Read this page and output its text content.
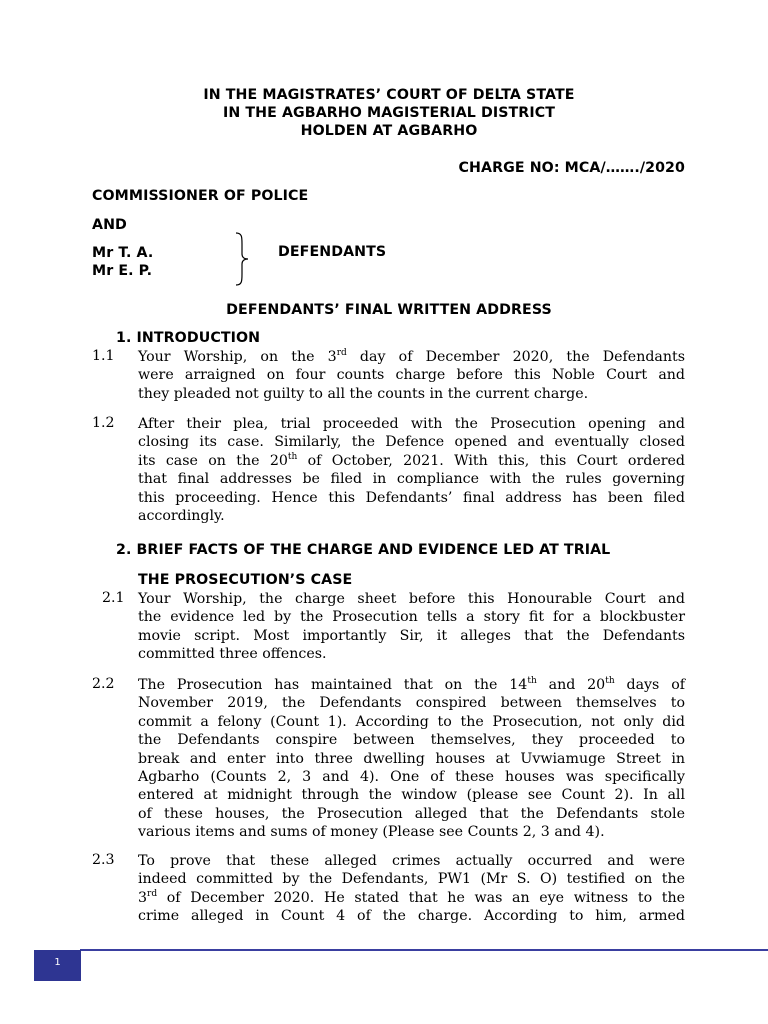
IN THE MAGISTRATES’ COURT OF DELTA STATE
IN THE AGBARHO MAGISTERIAL DISTRICT
HOLDEN AT AGBARHO
CHARGE NO: MCA/……./2020
COMMISSIONER OF POLICE
AND
Mr T. A.
Mr E. P.
DEFENDANTS
DEFENDANTS’ FINAL WRITTEN ADDRESS
1. INTRODUCTION
1.1 Your Worship, on the 3rd day of December 2020, the Defendants
were arraigned on four counts charge before this Noble Court and
they pleaded not guilty to all the counts in the current charge.
1.2 After their plea, trial proceeded with the Prosecution opening and
closing its case. Similarly, the Defence opened and eventually closed
its case on the 20th of October, 2021. With this, this Court ordered
that final addresses be filed in compliance with the rules governing
this proceeding. Hence this Defendants’ final address has been filed
accordingly.
2. BRIEF FACTS OF THE CHARGE AND EVIDENCE LED AT TRIAL
THE PROSECUTION’S CASE
2.1 Your Worship, the charge sheet before this Honourable Court and
the evidence led by the Prosecution tells a story fit for a blockbuster
movie script. Most importantly Sir, it alleges that the Defendants
committed three offences.
2.2 The Prosecution has maintained that on the 14th and 20th days of
November 2019, the Defendants conspired between themselves to
commit a felony (Count 1). According to the Prosecution, not only did
the Defendants conspire between themselves, they proceeded to
break and enter into three dwelling houses at Uvwiamuge Street in
Agbarho (Counts 2, 3 and 4). One of these houses was specifically
entered at midnight through the window (please see Count 2). In all
of these houses, the Prosecution alleged that the Defendants stole
various items and sums of money (Please see Counts 2, 3 and 4).
2.3 To prove that these alleged crimes actually occurred and were
indeed committed by the Defendants, PW1 (Mr S. O) testified on the
3rd of December 2020. He stated that he was an eye witness to the
crime alleged in Count 4 of the charge. According to him, armed
1
